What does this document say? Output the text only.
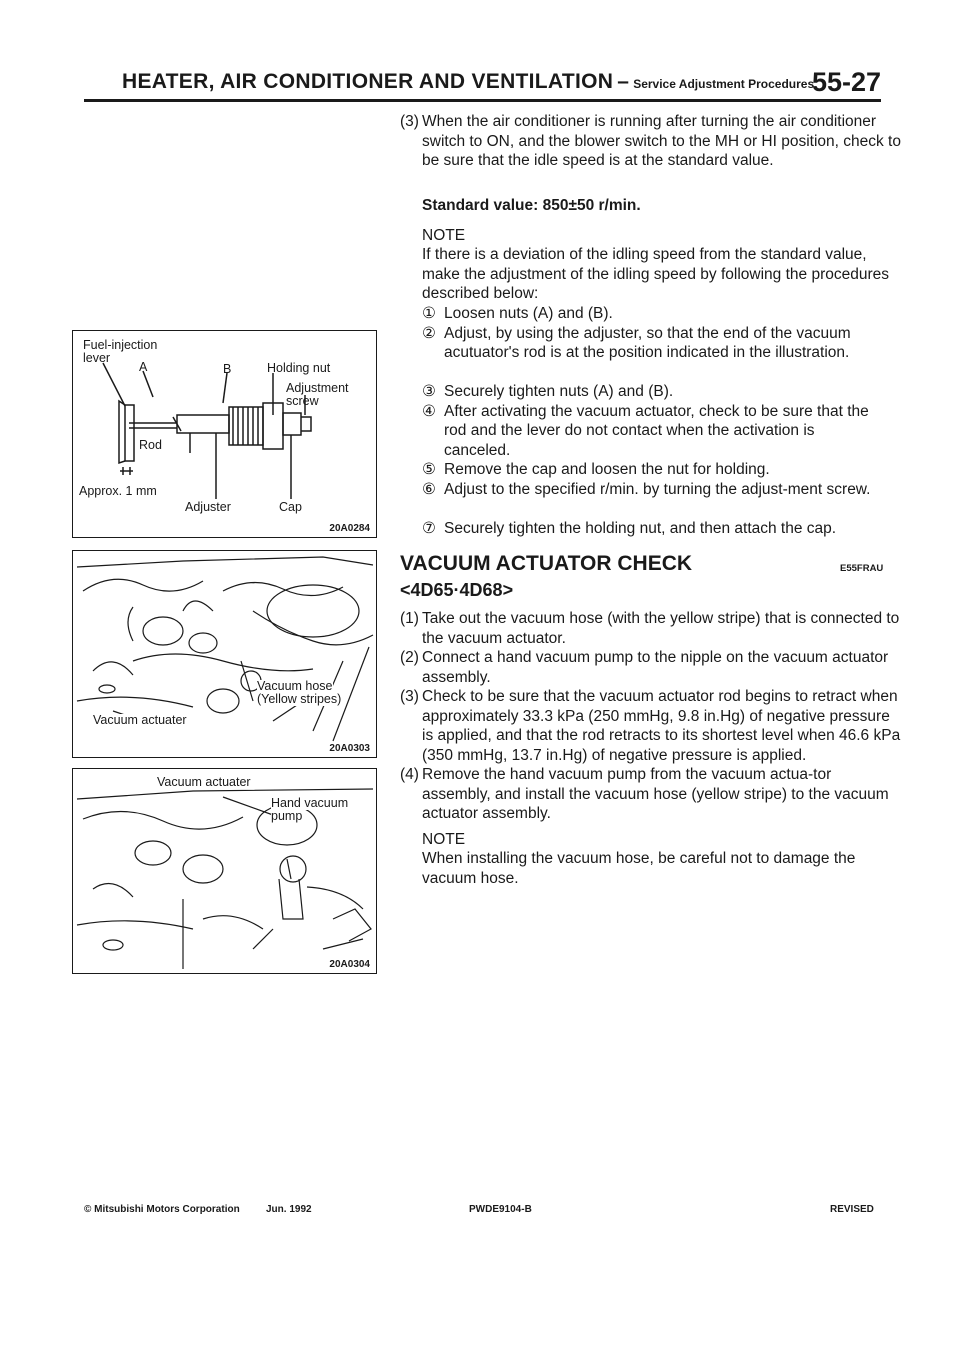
HEATER, AIR CONDITIONER AND VENTILATION – Service Adjustment Procedures
55-27
Fuel-injection
lever
A	B	Holding nut
Adjustment
screw
Rod
Approx. 1 mm
Adjuster	Cap
20A0284
Vacuum hose
(Yellow stripes)
Vacuum actuater
20A0303
Vacuum actuater
Hand vacuum
pump
20A0304
(3) When the air conditioner is running after turning the air conditioner switch to ON, and the blower switch to the MH or HI position, check to be sure that the idle speed is at the standard value.
Standard value: 850±50 r/min.
NOTE
If there is a deviation of the idling speed from the standard value, make the adjustment of the idling speed by following the procedures described below:
① Loosen nuts (A) and (B).
② Adjust, by using the adjuster, so that the end of the vacuum acutuator's rod is at the position indicated in the illustration.
③ Securely tighten nuts (A) and (B).
④ After activating the vacuum actuator, check to be sure that the rod and the lever do not contact when the activation is canceled.
⑤ Remove the cap and loosen the nut for holding.
⑥ Adjust to the specified r/min. by turning the adjust-ment screw.
⑦ Securely tighten the holding nut, and then attach the cap.
VACUUM ACTUATOR CHECK	E55FRAU
<4D65·4D68>
(1) Take out the vacuum hose (with the yellow stripe) that is connected to the vacuum actuator.
(2) Connect a hand vacuum pump to the nipple on the vacuum actuator assembly.
(3) Check to be sure that the vacuum actuator rod begins to retract when approximately 33.3 kPa (250 mmHg, 9.8 in.Hg) of negative pressure is applied, and that the rod retracts to its shortest level when 46.6 kPa (350 mmHg, 13.7 in.Hg) of negative pressure is applied.
(4) Remove the hand vacuum pump from the vacuum actua-tor assembly, and install the vacuum hose (yellow stripe) to the vacuum actuator assembly.
NOTE
When installing the vacuum hose, be careful not to damage the vacuum hose.
© Mitsubishi Motors Corporation	Jun. 1992	PWDE9104-B	REVISED
